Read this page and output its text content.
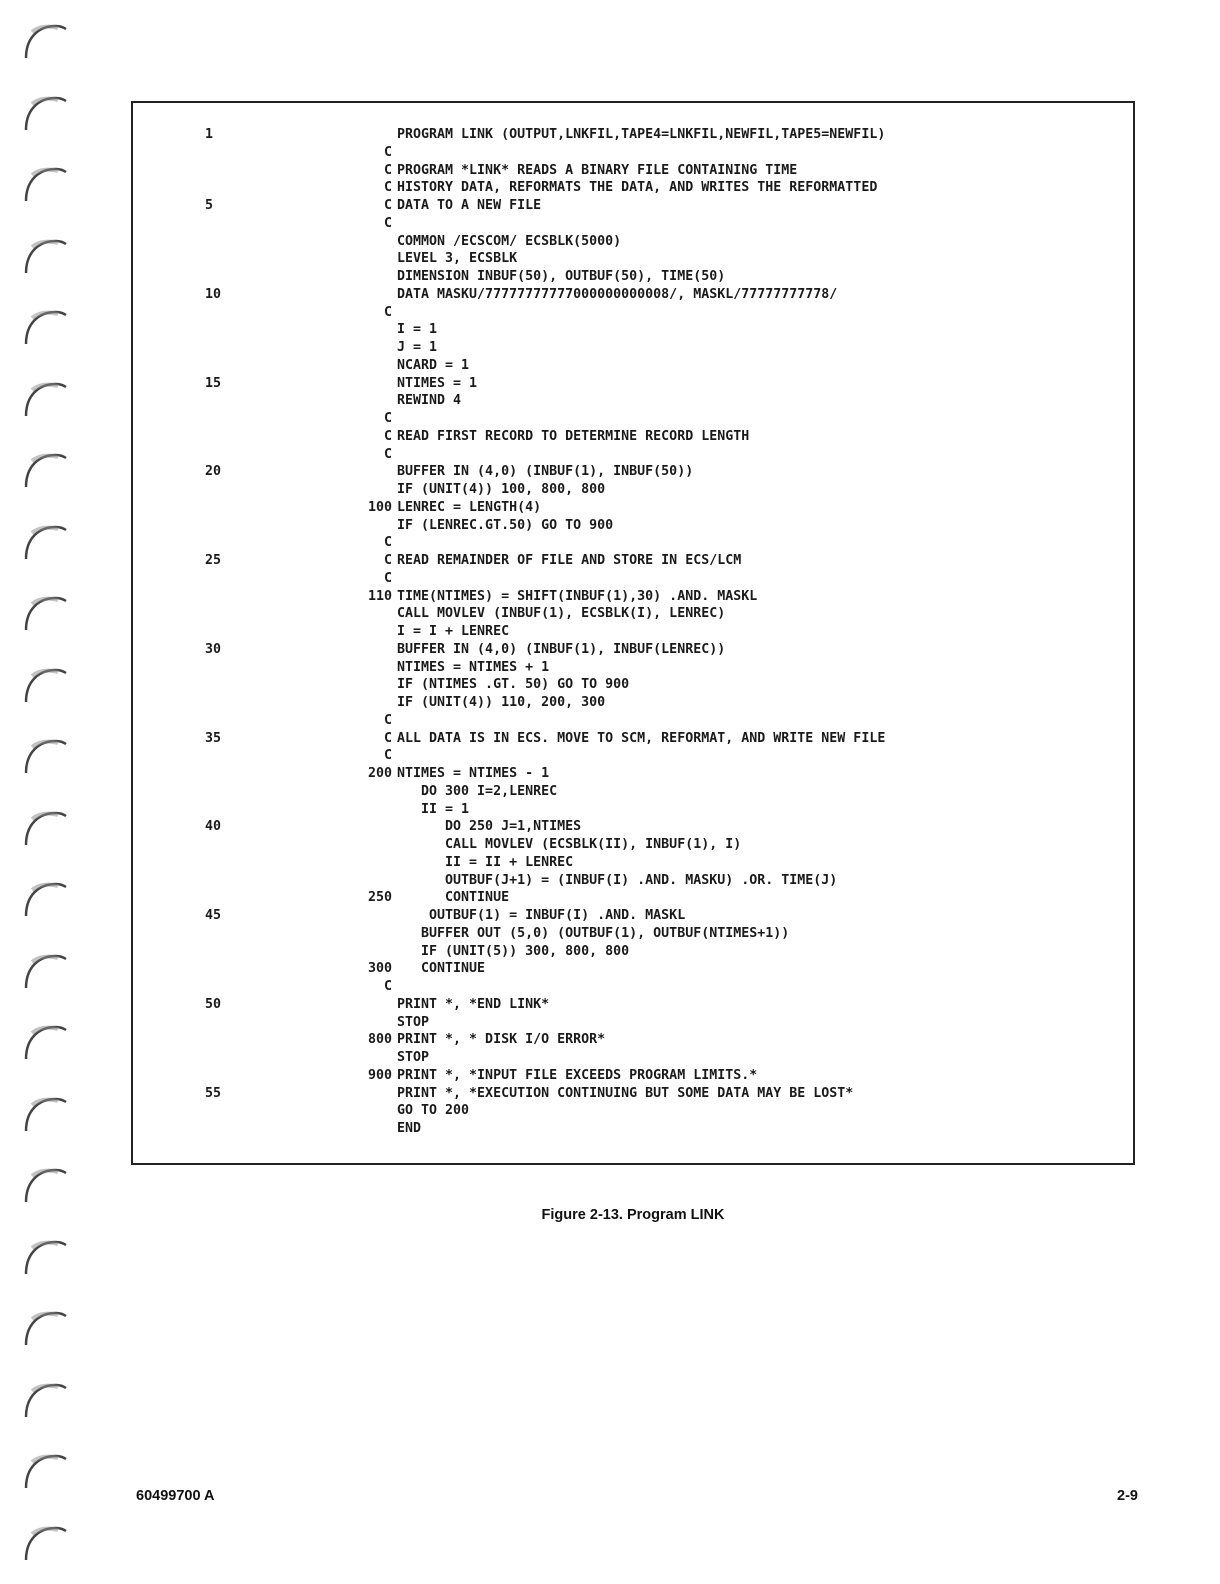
1	PROGRAM LINK (OUTPUT,LNKFIL,TAPE4=LNKFIL,NEWFIL,TAPE5=NEWFIL)
C
C PROGRAM *LINK* READS A BINARY FILE CONTAINING TIME
C HISTORY DATA, REFORMATS THE DATA, AND WRITES THE REFORMATTED
5	C DATA TO A NEW FILE
C
COMMON /ECSCOM/ ECSBLK(5000)
LEVEL 3, ECSBLK
DIMENSION INBUF(50), OUTBUF(50), TIME(50)
10	DATA MASKU/77777777777000000000008/, MASKL/77777777778/
C
I = 1
J = 1
NCARD = 1
15	NTIMES = 1
REWIND 4
C
C READ FIRST RECORD TO DETERMINE RECORD LENGTH
C
20	BUFFER IN (4,0) (INBUF(1), INBUF(50))
IF (UNIT(4)) 100, 800, 800
100 LENREC = LENGTH(4)
IF (LENREC.GT.50) GO TO 900
C
25	C READ REMAINDER OF FILE AND STORE IN ECS/LCM
C
110 TIME(NTIMES) = SHIFT(INBUF(1),30) .AND. MASKL
CALL MOVLEV (INBUF(1), ECSBLK(I), LENREC)
I = I + LENREC
30	BUFFER IN (4,0) (INBUF(1), INBUF(LENREC))
NTIMES = NTIMES + 1
IF (NTIMES .GT. 50) GO TO 900
IF (UNIT(4)) 110, 200, 300
C
35	C ALL DATA IS IN ECS. MOVE TO SCM, REFORMAT, AND WRITE NEW FILE
C
200 NTIMES = NTIMES - 1
DO 300 I=2,LENREC
II = 1
40	DO 250 J=1,NTIMES
CALL MOVLEV (ECSBLK(II), INBUF(1), I)
II = II + LENREC
OUTBUF(J+1) = (INBUF(I) .AND. MASKU) .OR. TIME(J)
250 CONTINUE
45	OUTBUF(1) = INBUF(I) .AND. MASKL
BUFFER OUT (5,0) (OUTBUF(1), OUTBUF(NTIMES+1))
IF (UNIT(5)) 300, 800, 800
300 CONTINUE
C
50	PRINT *, *END LINK*
STOP
800 PRINT *, * DISK I/O ERROR*
STOP
900 PRINT *, *INPUT FILE EXCEEDS PROGRAM LIMITS.*
55	PRINT *, *EXECUTION CONTINUING BUT SOME DATA MAY BE LOST*
GO TO 200
END
Figure 2-13. Program LINK
60499700 A	2-9
